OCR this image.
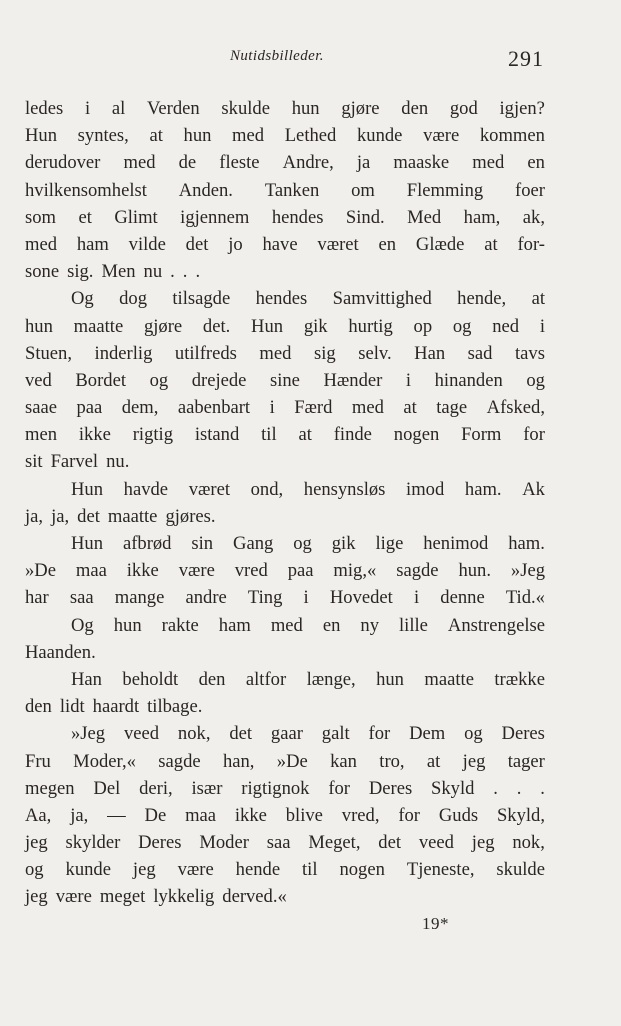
Nutidsbilleder.	291
ledes i al Verden skulde hun gjøre den god igjen?
Hun syntes, at hun med Lethed kunde være kommen
derudover med de fleste Andre, ja maaske med en
hvilkensomhelst Anden. Tanken om Flemming foer
som et Glimt igjennem hendes Sind. Med ham, ak,
med ham vilde det jo have været en Glæde at for-
sone sig. Men nu . . .
Og dog tilsagde hendes Samvittighed hende, at
hun maatte gjøre det. Hun gik hurtig op og ned i
Stuen, inderlig utilfreds med sig selv. Han sad tavs
ved Bordet og drejede sine Hænder i hinanden og
saae paa dem, aabenbart i Færd med at tage Afsked,
men ikke rigtig istand til at finde nogen Form for
sit Farvel nu.
Hun havde været ond, hensynsløs imod ham. Ak
ja, ja, det maatte gjøres.
Hun afbrød sin Gang og gik lige henimod ham.
»De maa ikke være vred paa mig,« sagde hun. »Jeg
har saa mange andre Ting i Hovedet i denne Tid.«
Og hun rakte ham med en ny lille Anstrengelse
Haanden.
Han beholdt den altfor længe, hun maatte trække
den lidt haardt tilbage.
»Jeg veed nok, det gaar galt for Dem og Deres
Fru Moder,« sagde han, »De kan tro, at jeg tager
megen Del deri, især rigtignok for Deres Skyld . . .
Aa, ja, — De maa ikke blive vred, for Guds Skyld,
jeg skylder Deres Moder saa Meget, det veed jeg nok,
og kunde jeg være hende til nogen Tjeneste, skulde
jeg være meget lykkelig derved.«
19*
